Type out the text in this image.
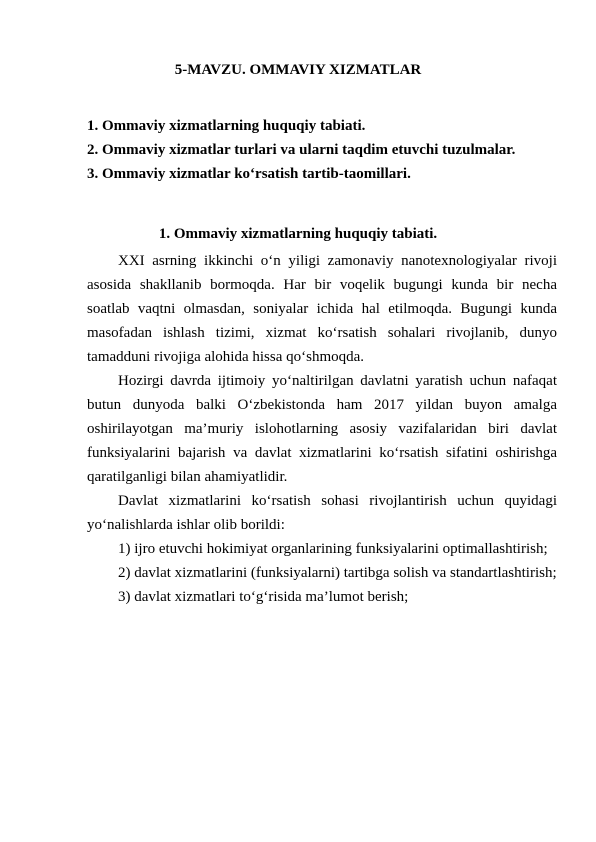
5-MAVZU. OMMAVIY XIZMATLAR
1. Ommaviy xizmatlarning huquqiy tabiati.
2. Ommaviy xizmatlar turlari va ularni taqdim etuvchi tuzulmalar.
3. Ommaviy xizmatlar ko‘rsatish tartib-taomillari.
1. Ommaviy xizmatlarning huquqiy tabiati.

XXI asrning ikkinchi o‘n yiligi zamonaviy nanotexnologiyalar rivoji asosida shakllanib bormoqda. Har bir voqelik bugungi kunda bir necha soatlab vaqtni olmasdan, soniyalar ichida hal etilmoqda. Bugungi kunda masofadan ishlash tizimi, xizmat ko‘rsatish sohalari rivojlanib, dunyo tamadduni rivojiga alohida hissa qo‘shmoqda.

Hozirgi davrda ijtimoiy yo‘naltirilgan davlatni yaratish uchun nafaqat butun dunyoda balki O‘zbekistonda ham 2017 yildan buyon amalga oshirilayotgan ma’muriy islohotlarning asosiy vazifalaridan biri davlat funksiyalarini bajarish va davlat xizmatlarini ko‘rsatish sifatini oshirishga qaratilganligi bilan ahamiyatlidir.

Davlat xizmatlarini ko‘rsatish sohasi rivojlantirish uchun quyidagi yo‘nalishlarda ishlar olib borildi:

1) ijro etuvchi hokimiyat organlarining funksiyalarini optimallashtirish;

2) davlat xizmatlarini (funksiyalarni) tartibga solish va standartlashtirish;

3) davlat xizmatlari to‘g‘risida ma’lumot berish;
